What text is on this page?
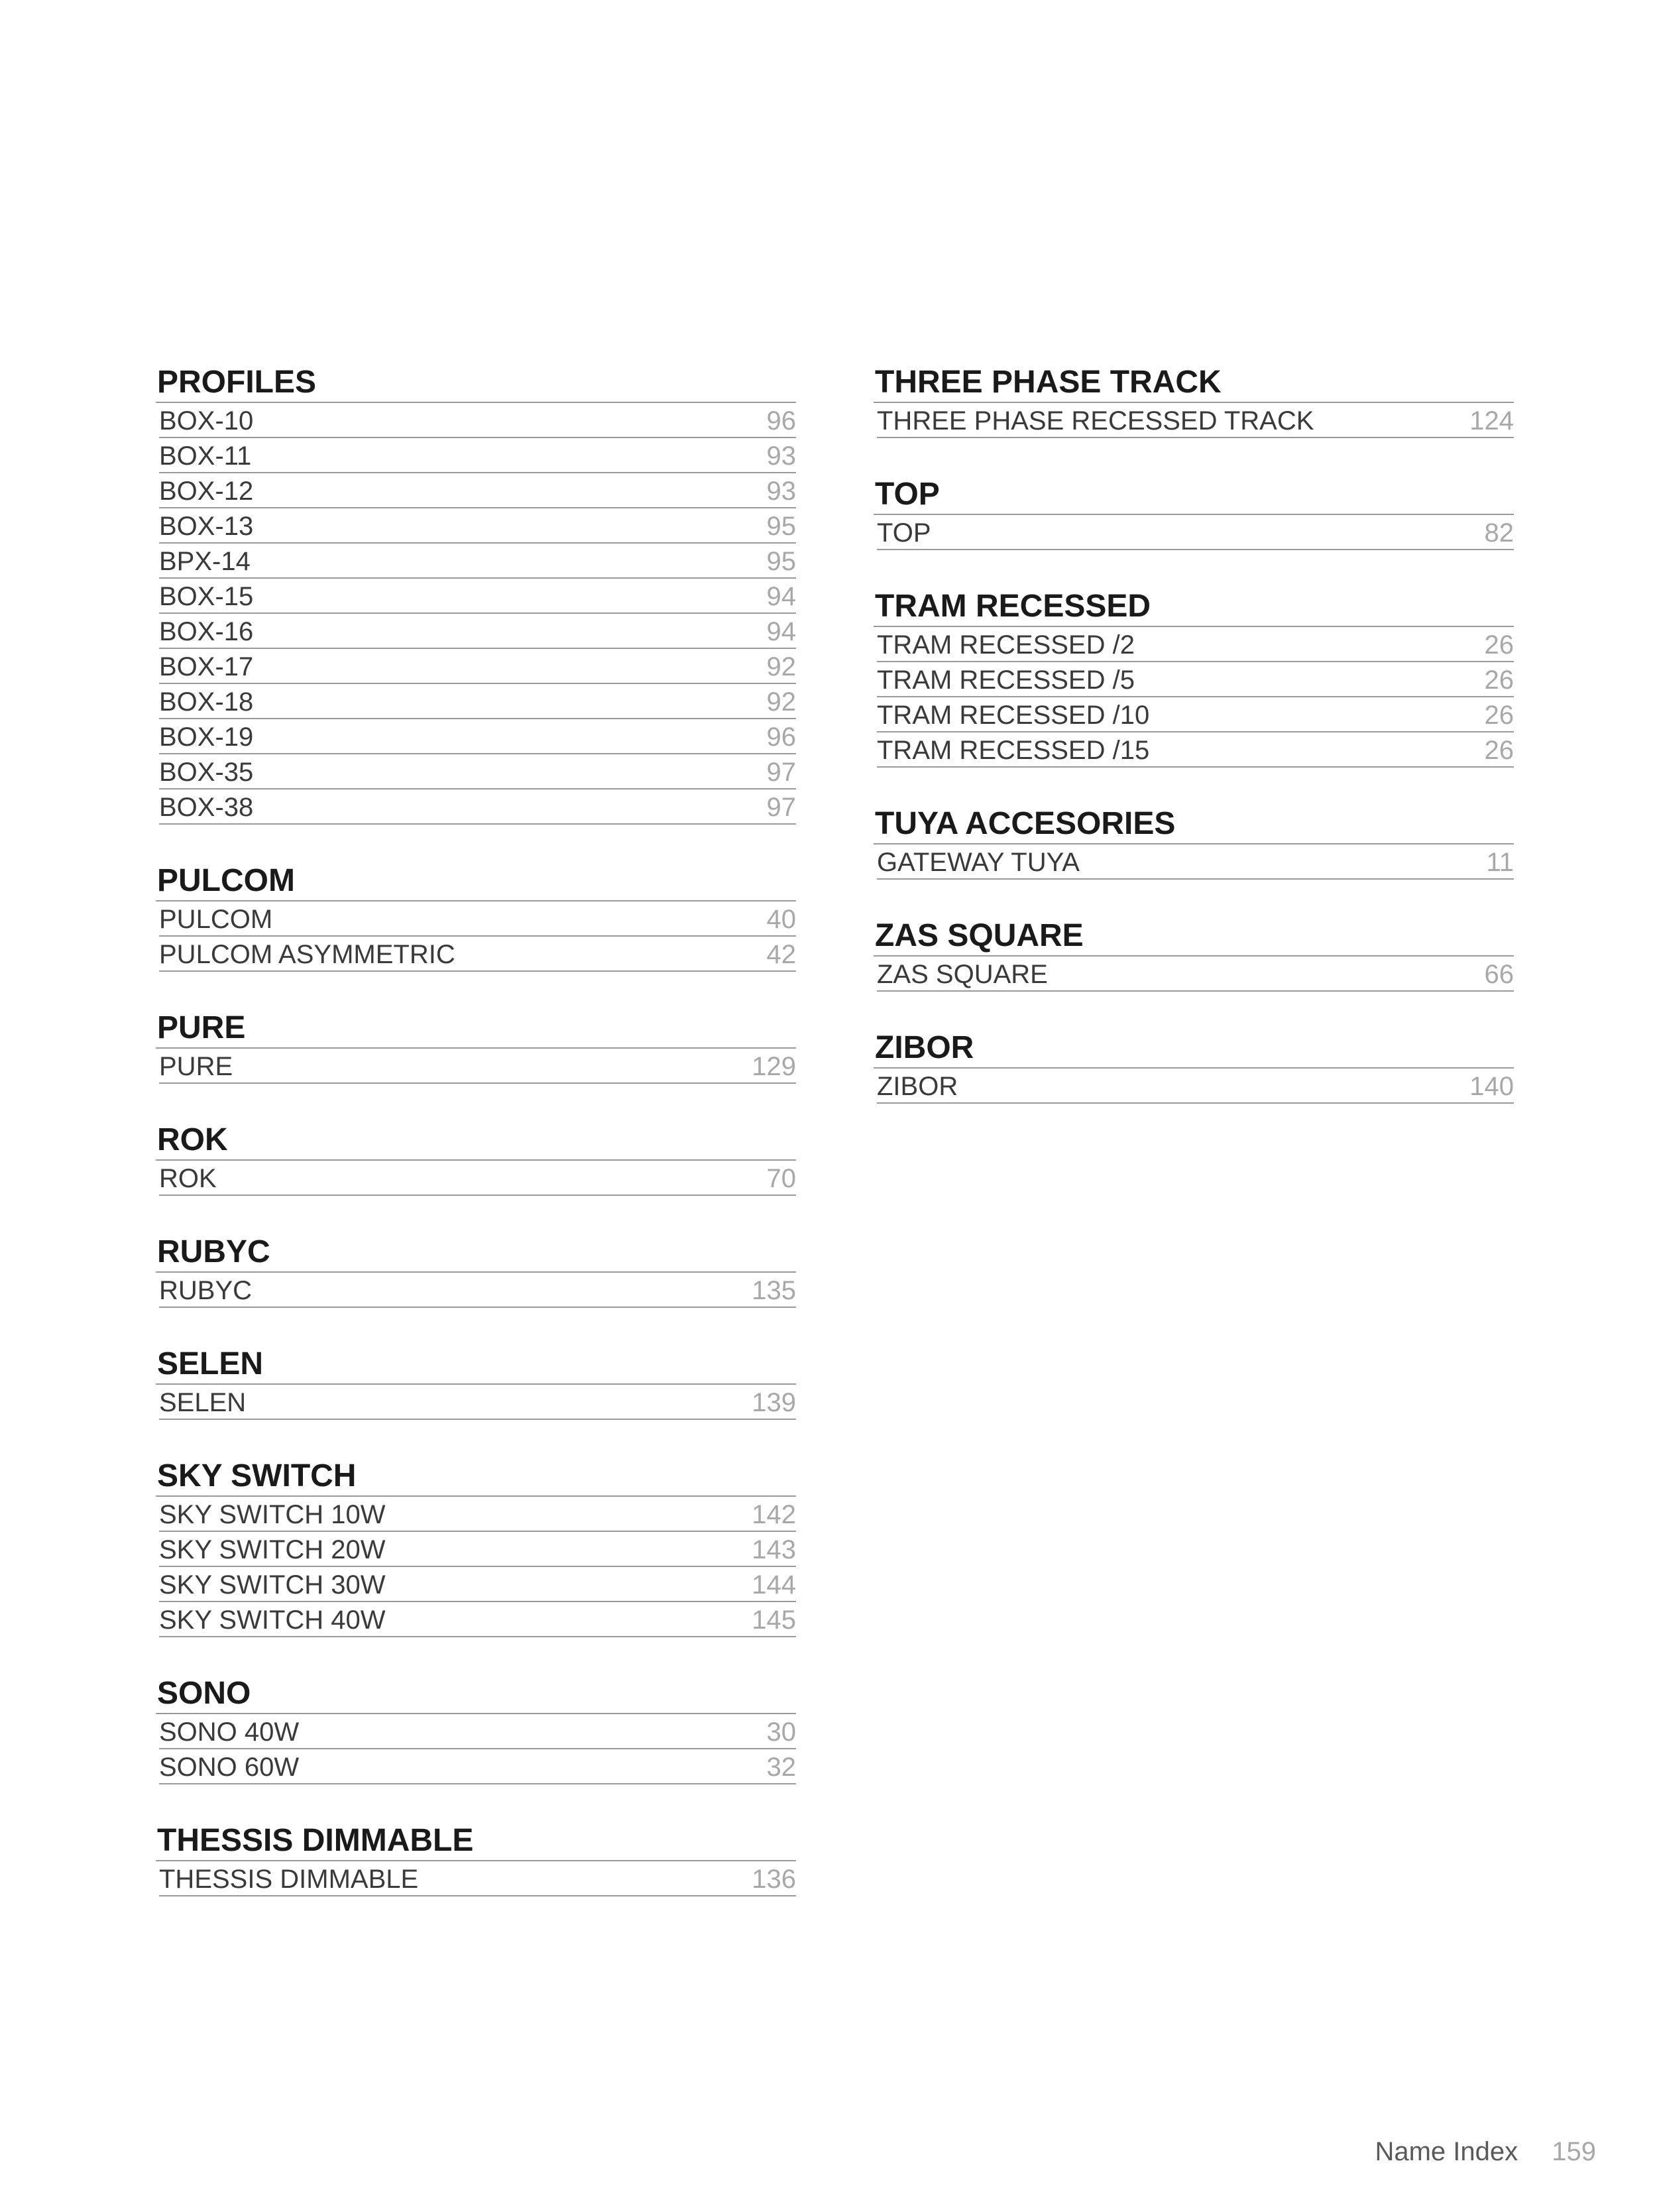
PROFILES
BOX-10	96
BOX-11	93
BOX-12	93
BOX-13	95
BPX-14	95
BOX-15	94
BOX-16	94
BOX-17	92
BOX-18	92
BOX-19	96
BOX-35	97
BOX-38	97
PULCOM
PULCOM	40
PULCOM ASYMMETRIC	42
PURE
PURE	129
ROK
ROK	70
RUBYC
RUBYC	135
SELEN
SELEN	139
SKY SWITCH
SKY SWITCH 10W	142
SKY SWITCH 20W	143
SKY SWITCH 30W	144
SKY SWITCH 40W	145
SONO
SONO 40W	30
SONO 60W	32
THESSIS DIMMABLE
THESSIS DIMMABLE	136
THREE PHASE TRACK
THREE PHASE RECESSED TRACK	124
TOP
TOP	82
TRAM RECESSED
TRAM RECESSED /2	26
TRAM RECESSED /5	26
TRAM RECESSED /10	26
TRAM RECESSED /15	26
TUYA ACCESORIES
GATEWAY TUYA	11
ZAS SQUARE
ZAS SQUARE	66
ZIBOR
ZIBOR	140
Name Index 159
